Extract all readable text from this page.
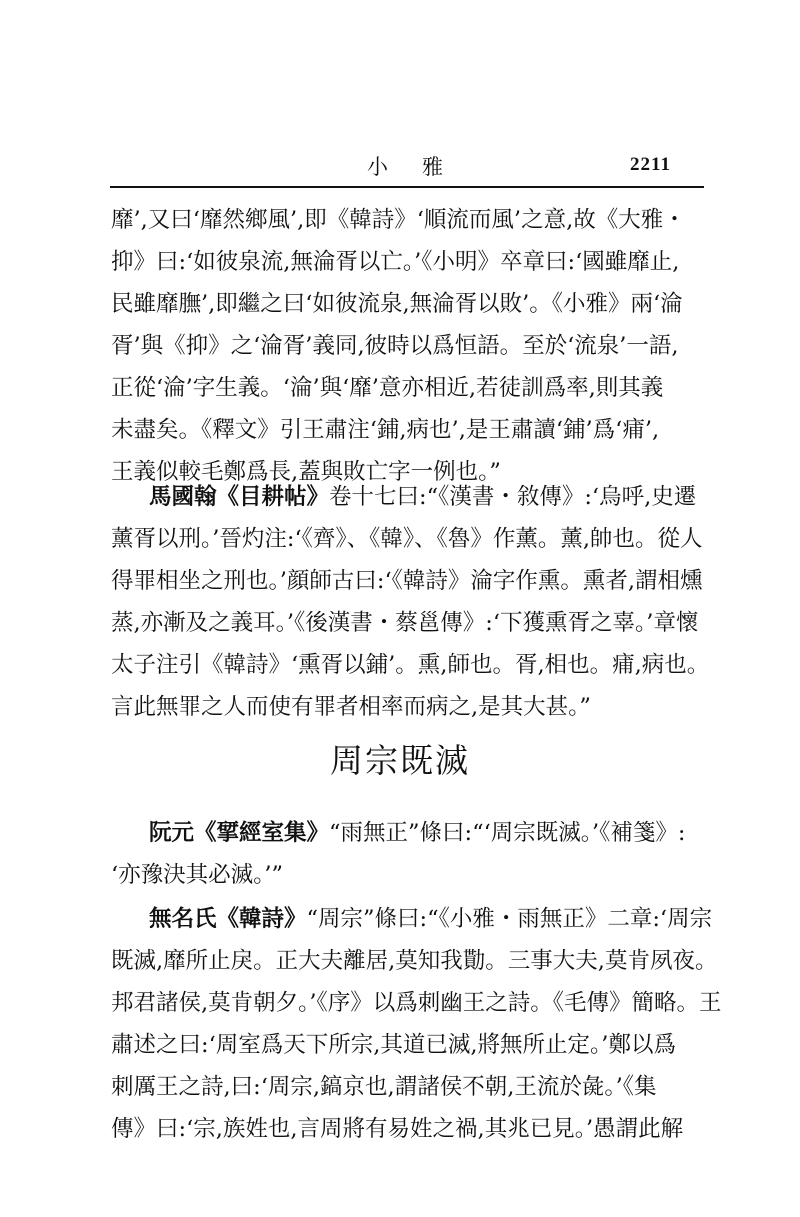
小雅	2211
靡’,又曰‘靡然鄉風’,即《韓詩》‘順流而風’之意,故《大雅・
抑》曰:‘如彼泉流,無淪胥以亡。’《小明》卒章曰:‘國雖靡止,
民雖靡膴’,即繼之曰‘如彼流泉,無淪胥以敗’。《小雅》兩‘淪
胥’與《抑》之‘淪胥’義同,彼時以爲恒語。至於‘流泉’一語,
正從‘淪’字生義。‘淪’與‘靡’意亦相近,若徒訓爲率,則其義
未盡矣。《釋文》引王肅注‘鋪,病也’,是王肅讀‘鋪’爲‘痡’,
王義似較毛鄭爲長,蓋與敗亡字一例也。”
馬國翰《目耕帖》卷十七曰:“《漢書・敘傳》:‘烏呼,史遷
薰胥以刑。’晉灼注:‘《齊》、《韓》、《魯》作薰。薰,帥也。從人
得罪相坐之刑也。’顔師古曰:‘《韓詩》淪字作熏。熏者,謂相燻
蒸,亦漸及之義耳。’《後漢書・蔡邕傳》:‘下獲熏胥之辜。’章懷
太子注引《韓詩》‘熏胥以鋪’。熏,師也。胥,相也。痡,病也。
言此無罪之人而使有罪者相率而病之,是其大甚。”
周宗既滅
阮元《揅經室集》“雨無正”條曰:“‘周宗既滅。’《補箋》:
‘亦豫決其必滅。’”
無名氏《韓詩》“周宗”條曰:“《小雅・雨無正》二章:‘周宗
既滅,靡所止戾。正大夫離居,莫知我勩。三事大夫,莫肯夙夜。
邦君諸侯,莫肯朝夕。’《序》以爲刺幽王之詩。《毛傳》簡略。王
肅述之曰:‘周室爲天下所宗,其道已滅,將無所止定。’鄭以爲
刺厲王之詩,曰:‘周宗,鎬京也,謂諸侯不朝,王流於彘。’《集
傳》曰:‘宗,族姓也,言周將有易姓之禍,其兆已見。’愚謂此解
